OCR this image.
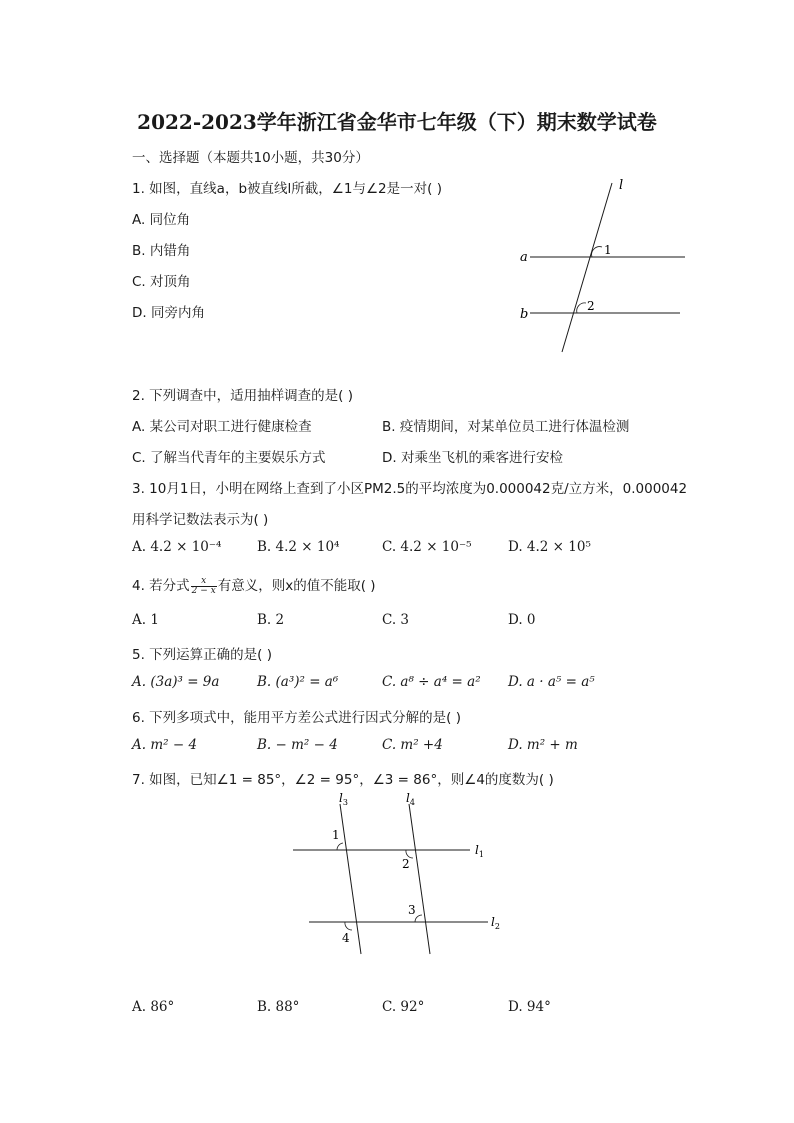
2022-2023学年浙江省金华市七年级（下）期末数学试卷
一、选择题（本题共10小题，共30分）
1. 如图，直线a，b被直线l所截，∠1与∠2是一对( )
A. 同位角
B. 内错角
C. 对顶角
D. 同旁内角
l
a
b
1
2
2. 下列调查中，适用抽样调查的是( )
A. 某公司对职工进行健康检查	B. 疫情期间，对某单位员工进行体温检测
C. 了解当代青年的主要娱乐方式	D. 对乘坐飞机的乘客进行安检
3. 10月1日，小明在网络上查到了小区PM2.5的平均浓度为0.000042克/立方米，0.000042
用科学记数法表示为( )
A. 4.2 × 10⁻⁴	B. 4.2 × 10⁴	C. 4.2 × 10⁻⁵	D. 4.2 × 10⁵
4. 若分式 $\frac{x}{2 - x}$ 有意义，则x的值不能取( )
A. 1	B. 2	C. 3	D. 0
5. 下列运算正确的是( )
A. (3a)³ = 9a	B. (a³)² = a⁶	C. a⁸ ÷ a⁴ = a² D. a · a⁵ = a⁵
6. 下列多项式中，能用平方差公式进行因式分解的是( )
A. m² − 4	B. − m² − 4	C. m² +4	D. m² + m
7. 如图，已知∠1 = 85°，∠2 = 95°，∠3 = 86°，则∠4的度数为( )
$l_3$	$l_4$
$l_1$
$l_2$
1
2
3
4
A. 86°	B. 88°	C. 92°	D. 94°
